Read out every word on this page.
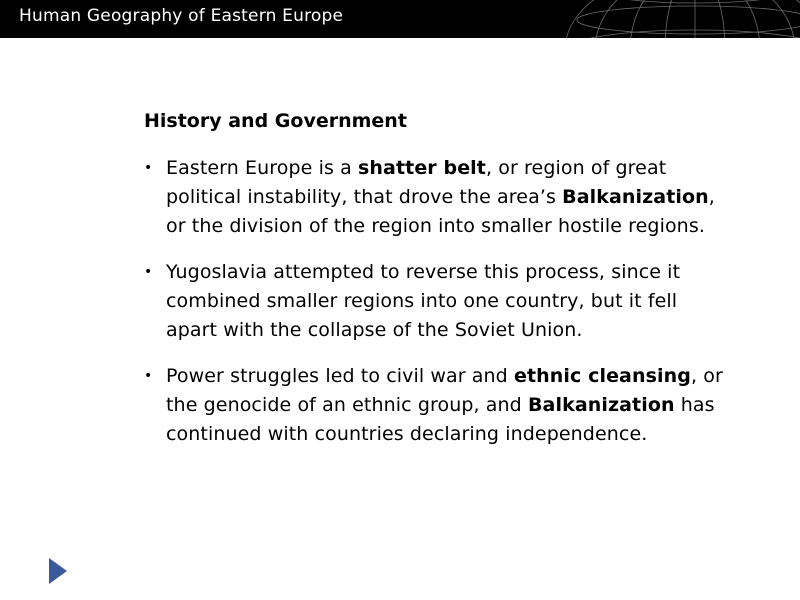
Human Geography of Eastern Europe
History and Government
• Eastern Europe is a shatter belt, or region of great political instability, that drove the area’s Balkanization, or the division of the region into smaller hostile regions.
• Yugoslavia attempted to reverse this process, since it combined smaller regions into one country, but it fell apart with the collapse of the Soviet Union.
• Power struggles led to civil war and ethnic cleansing, or the genocide of an ethnic group, and Balkanization has continued with countries declaring independence.
